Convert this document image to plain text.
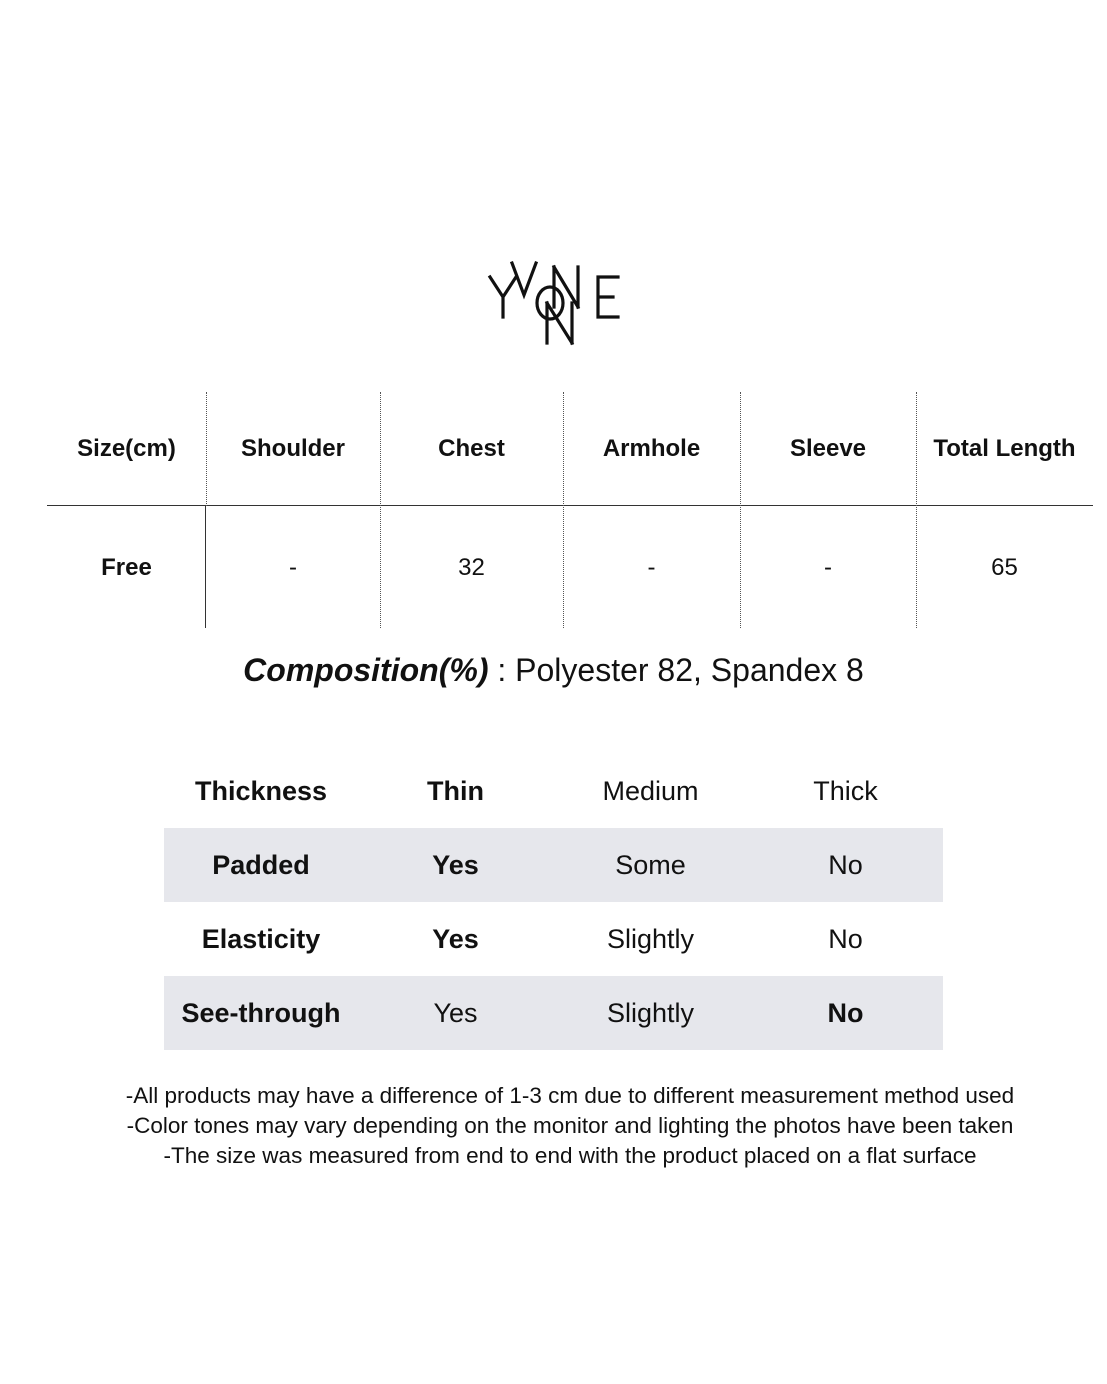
Size(cm)	Shoulder	Chest	Armhole	Sleeve	Total Length
Free	-	32	-	-	65
Composition(%) : Polyester 82, Spandex 8
Thickness	Thin	Medium	Thick
Padded	Yes	Some	No
Elasticity	Yes	Slightly	No
See-through	Yes	Slightly	No
-All products may have a difference of 1-3 cm due to different measurement method used
-Color tones may vary depending on the monitor and lighting the photos have been taken
-The size was measured from end to end with the product placed on a flat surface
